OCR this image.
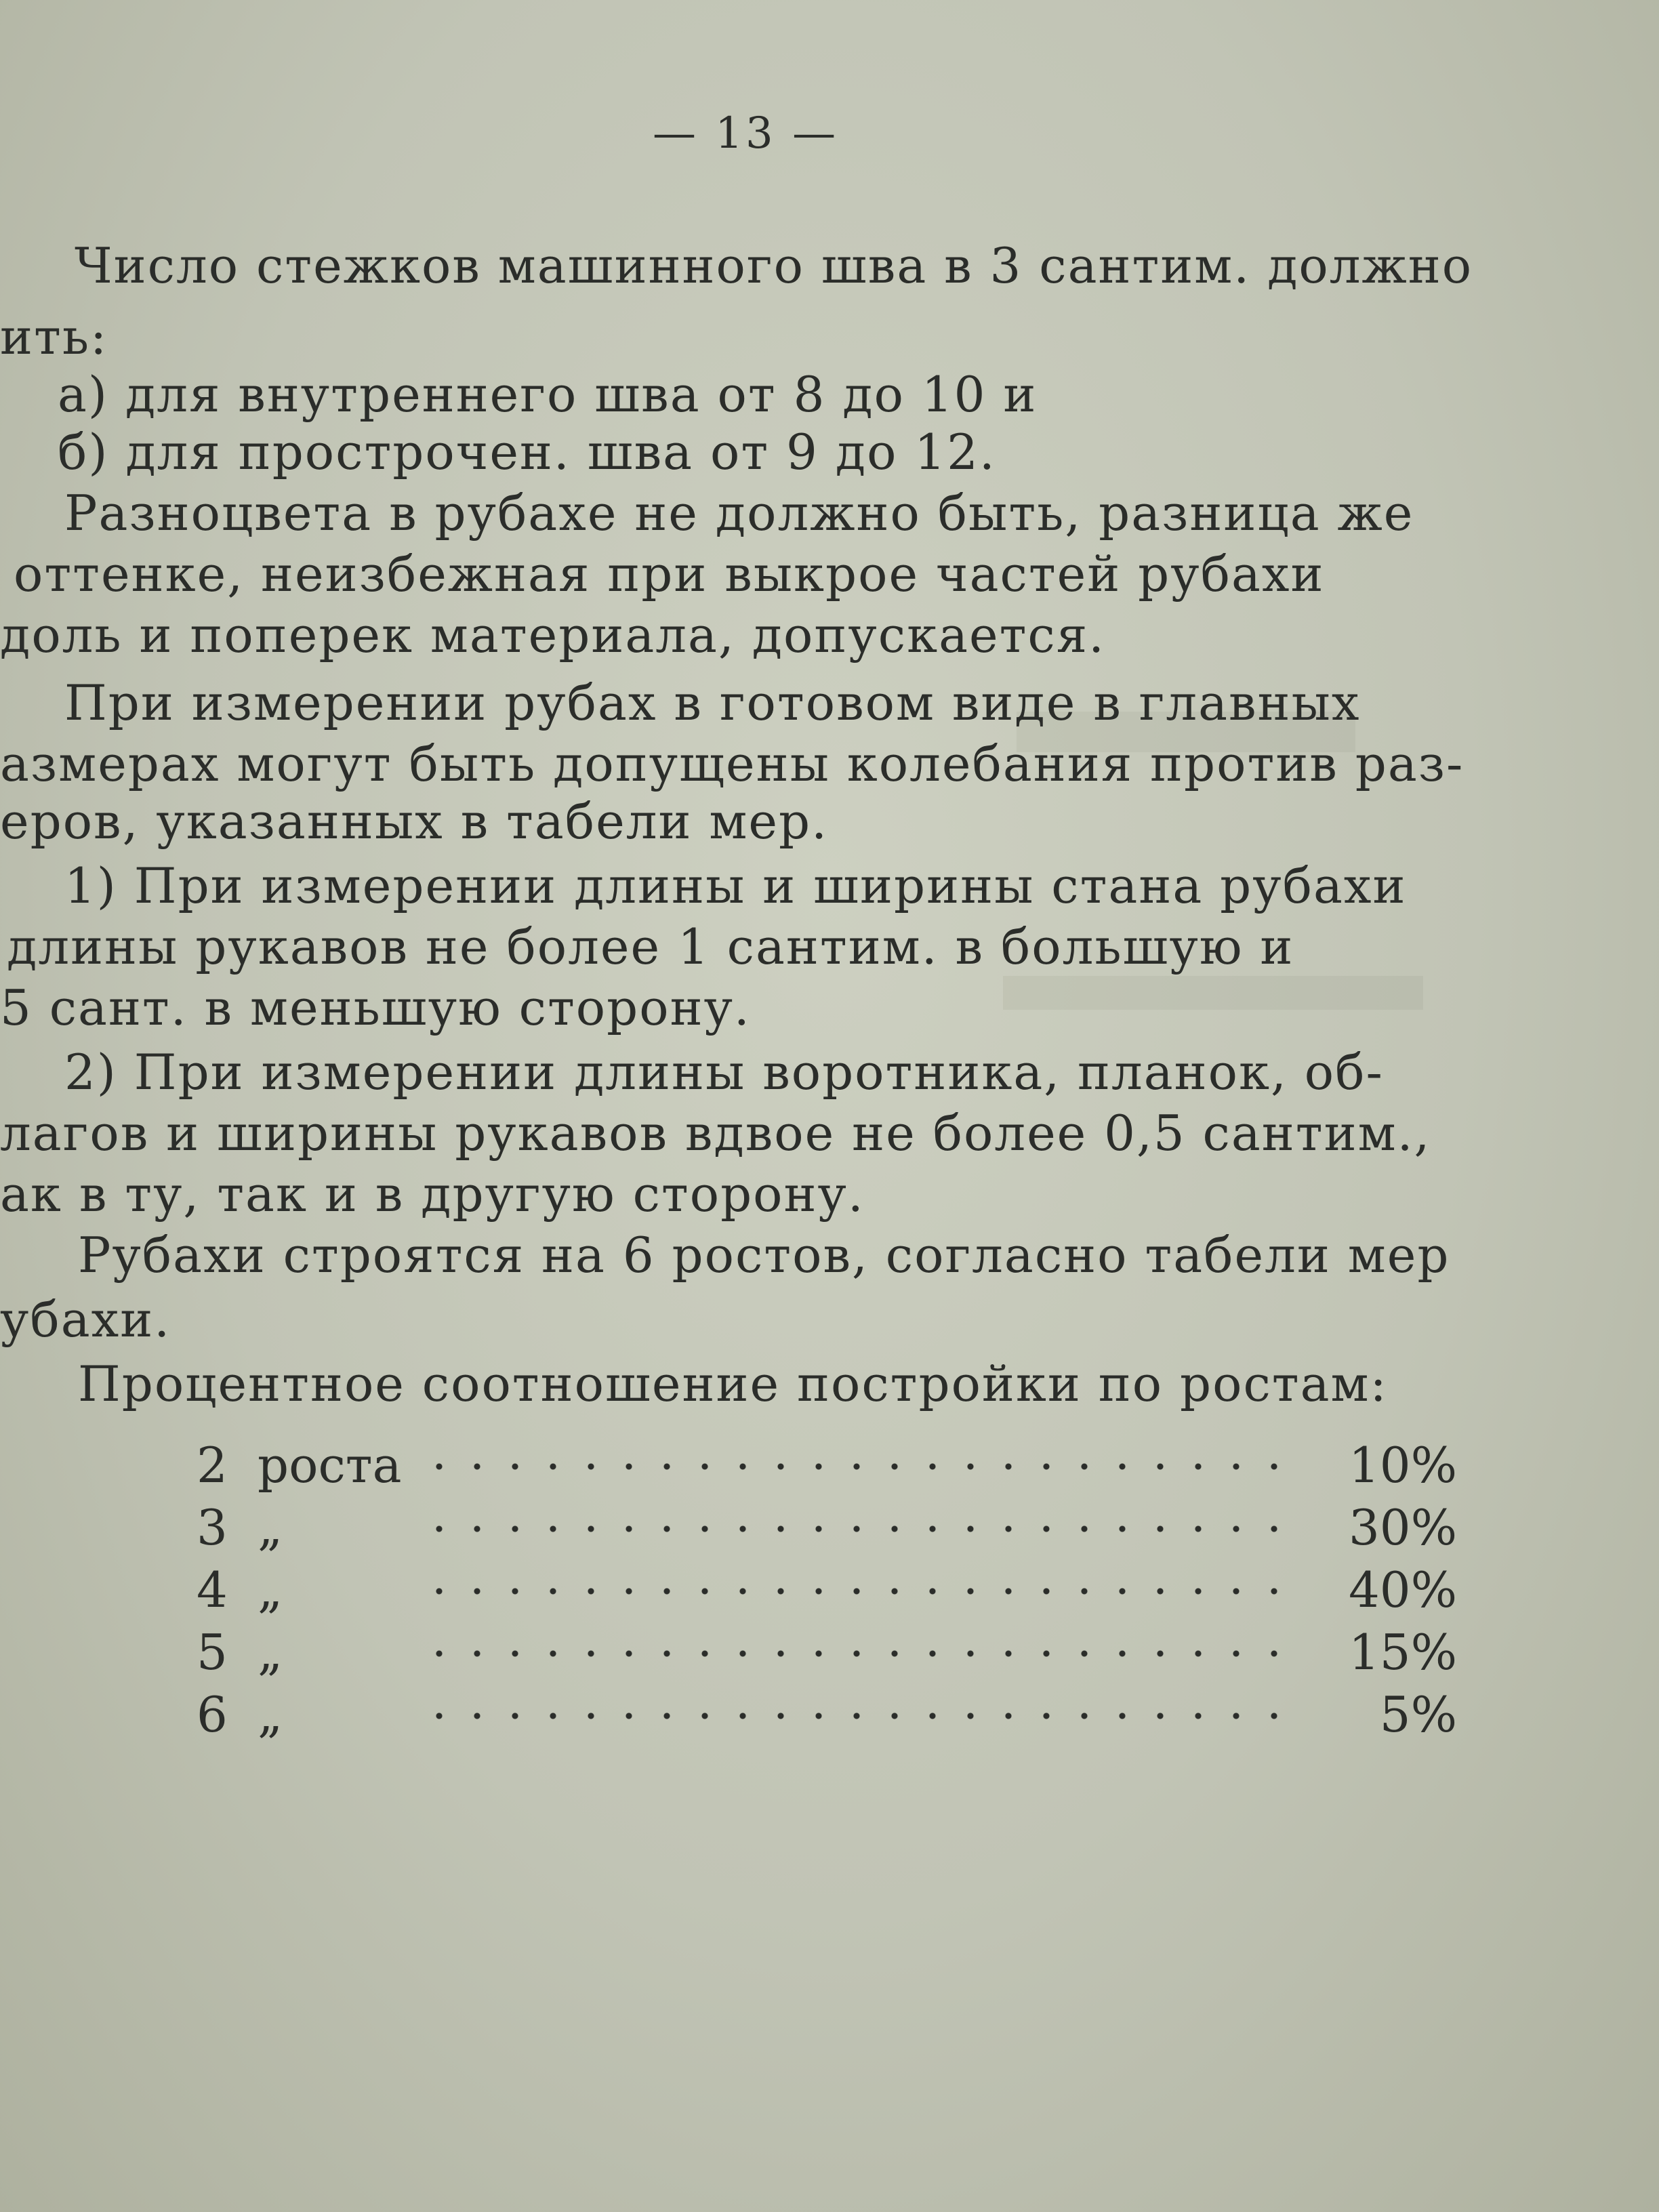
— 13 —
Число стежков машинного шва в 3 сантим. должно
ить:
а) для внутреннего шва от 8 до 10 и
б) для прострочен. шва от 9 до 12.
Разноцвета в рубахе не должно быть, разница же
оттенке, неизбежная при выкрое частей рубахи
доль и поперек материала, допускается.
При измерении рубах в готовом виде в главных
азмерах могут быть допущены колебания против раз-
еров, указанных в табели мер.
1) При измерении длины и ширины стана рубахи
длины рукавов не более 1 сантим. в большую и
5 сант. в меньшую сторону.
2) При измерении длины воротника, планок, об-
лагов и ширины рукавов вдвое не более 0,5 сантим.,
ак в ту, так и в другую сторону.
Рубахи строятся на 6 ростов, согласно табели мер
убахи.
Процентное соотношение постройки по ростам:
2 роста	10%
3 „	30%
4 „	40%
5 „	15%
6 „	5%
